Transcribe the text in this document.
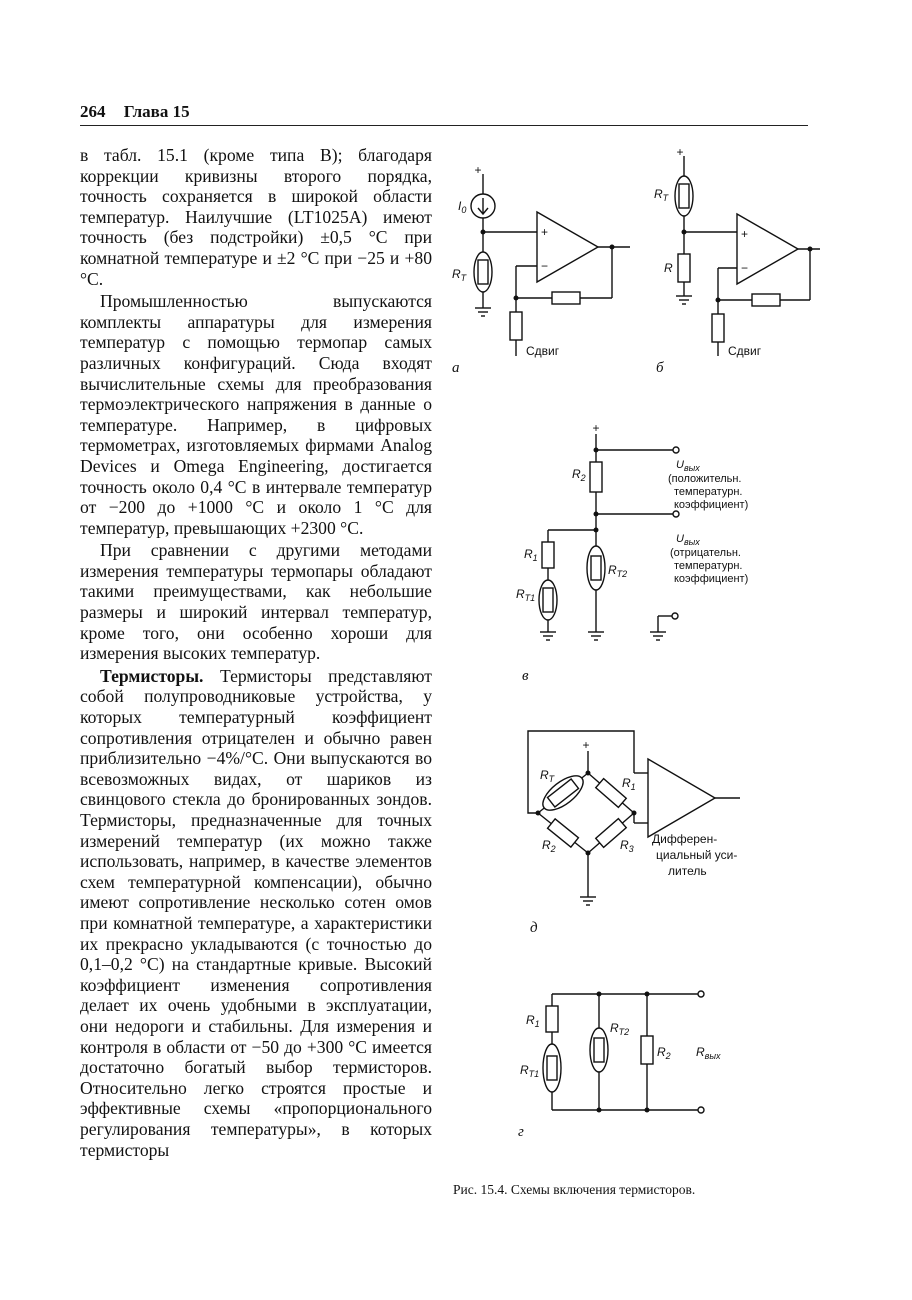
264 Глава 15

в табл. 15.1 (кроме типа B); благодаря коррекции кривизны второго порядка, точность сохраняется в широкой области температур. Наилучшие (LT1025A) имеют точность (без подстройки) ±0,5 °C при комнатной температуре и ±2 °C при −25 и +80 °C.

Промышленностью выпускаются комплекты аппаратуры для измерения температур с помощью термопар самых различных конфигураций. Сюда входят вычислительные схемы для преобразования термоэлектрического напряжения в данные о температуре. Например, в цифровых термометрах, изготовляемых фирмами Analog Devices и Omega Engineering, достигается точность около 0,4 °C в интервале температур от −200 до +1000 °C и около 1 °C для температур, превышающих +2300 °C.

При сравнении с другими методами измерения температуры термопары обладают такими преимуществами, как небольшие размеры и широкий интервал температур, кроме того, они особенно хороши для измерения высоких температур.

Термисторы. Термисторы представляют собой полупроводниковые устройства, у которых температурный коэффициент сопротивления отрицателен и обычно равен приблизительно −4%/°C. Они выпускаются во всевозможных видах, от шариков из свинцового стекла до бронированных зондов. Термисторы, предназначенные для точных измерений температур (их можно также использовать, например, в качестве элементов схем температурной компенсации), обычно имеют сопротивление несколько сотен омов при комнатной температуре, а характеристики их прекрасно укладываются (с точностью до 0,1–0,2 °C) на стандартные кривые. Высокий коэффициент изменения сопротивления делает их очень удобными в эксплуатации, они недороги и стабильны. Для измерения и контроля в области от −50 до +300 °C имеется достаточно богатый выбор термисторов. Относительно легко строятся простые и эффективные схемы «пропорционального регулирования температуры», в которых термисторы

+
$I_0$
$R_T$
+
−
Сдвиг
а
+
$R_T$
R
+
−
Сдвиг
б
+
$R_2$
$U_{вых}$
(положительн.
температурн.
коэффициент)
$U_{вых}$
(отрицательн.
температурн.
коэффициент)
$R_1$
$R_{T1}$
$R_{T2}$
в
+
$R_T$	$R_1$
$R_2$	$R_3$
Дифферен-
циальный уси-
литель
д
$R_1$
$R_{T1}$
$R_{T2}$
$R_2$ $R_{вых}$
г
Рис. 15.4. Схемы включения термисторов.
